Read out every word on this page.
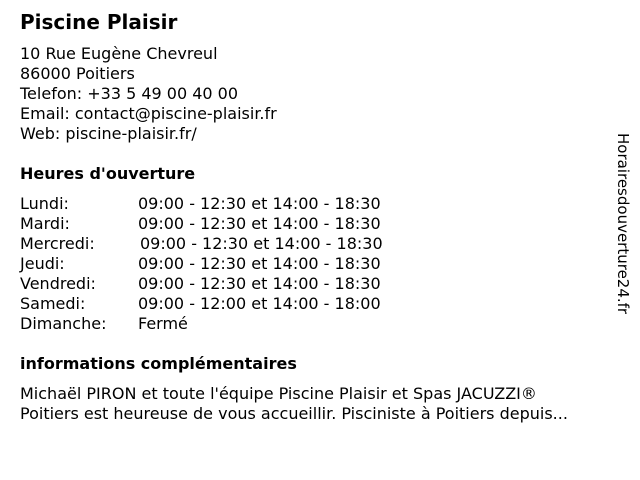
Piscine Plaisir
10 Rue Eugène Chevreul
86000 Poitiers
Telefon: +33 5 49 00 40 00
Email: contact@piscine-plaisir.fr
Web: piscine-plaisir.fr/
Heures d'ouverture
Lundi:	09:00 - 12:30 et 14:00 - 18:30
Mardi:	09:00 - 12:30 et 14:00 - 18:30
Mercredi:	09:00 - 12:30 et 14:00 - 18:30
Jeudi:	09:00 - 12:30 et 14:00 - 18:30
Vendredi:	09:00 - 12:30 et 14:00 - 18:30
Samedi:	09:00 - 12:00 et 14:00 - 18:00
Dimanche:	Fermé
informations complémentaires
Michaël PIRON et toute l'équipe Piscine Plaisir et Spas JACUZZI®
Poitiers est heureuse de vous accueillir. Pisciniste à Poitiers depuis...
Horairesdouverture24.fr
